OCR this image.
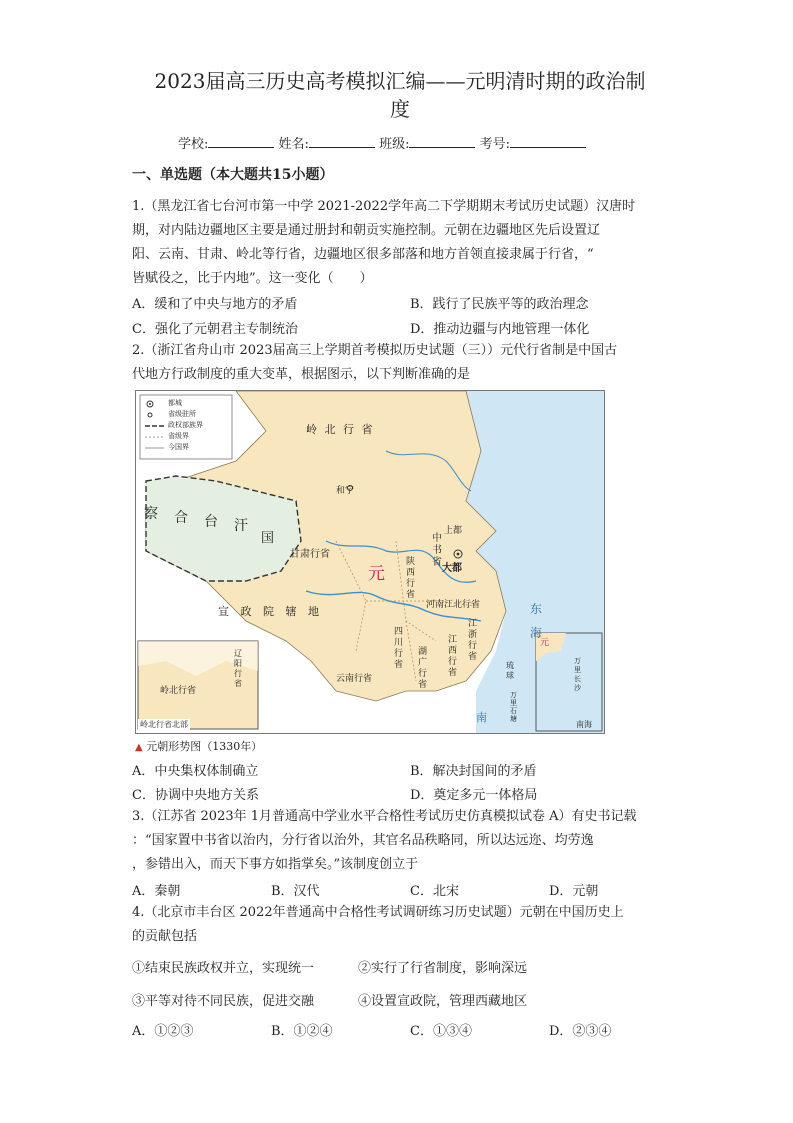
2023届高三历史高考模拟汇编——元明清时期的政治制
度
学校:	姓名:	班级:	考号:
一、单选题（本大题共15小题）
1.（黑龙江省七台河市第一中学 2021-2022学年高二下学期期末考试历史试题）汉唐时
期，对内陆边疆地区主要是通过册封和朝贡实施控制。元朝在边疆地区先后设置辽
阳、云南、甘肃、岭北等行省，边疆地区很多部落和地方首领直接隶属于行省，“
皆赋役之，比于内地”。这一变化（　　）
A．缓和了中央与地方的矛盾	B．践行了民族平等的政治理念
C．强化了元朝君主专制统治	D．推动边疆与内地管理一体化
2.（浙江省舟山市 2023届高三上学期首考模拟历史试题（三））元代行省制是中国古
代地方行政制度的重大变革，根据图示，以下判断准确的是
都城
省级驻所
政权部族界
省级界
今国界
岭 北 行 省
和宁
上都
大都
察 合 台 汗
国
元
甘肃行省
中
书
省
陕
西
行
省
河南江北行省
四
川
行
省
江
浙
行
省
江
西
行
省
湖
广
行
省
云南行省
宣 政 院 辖 地	东
海
南
琉
球
万
里
石
塘
辽
阳
行
省
岭北行省
岭北行省北部
元
万
里
长
沙
南海
▲ 元朝形势图（1330年）
A．中央集权体制确立	B．解决封国间的矛盾
C．协调中央地方关系	D．奠定多元一体格局
3.（江苏省 2023年 1月普通高中学业水平合格性考试历史仿真模拟试卷 A）有史书记载
：“国家置中书省以治内，分行省以治外，其官名品秩略同，所以达远迩、均劳逸
，参错出入，而天下事方如指掌矣。”该制度创立于
A．秦朝	B．汉代	C．北宋	D．元朝
4.（北京市丰台区 2022年普通高中合格性考试调研练习历史试题）元朝在中国历史上
的贡献包括
①结束民族政权并立，实现统一	②实行了行省制度，影响深远
③平等对待不同民族，促进交融	④设置宣政院，管理西藏地区
A．①②③	B．①②④	C．①③④	D．②③④
